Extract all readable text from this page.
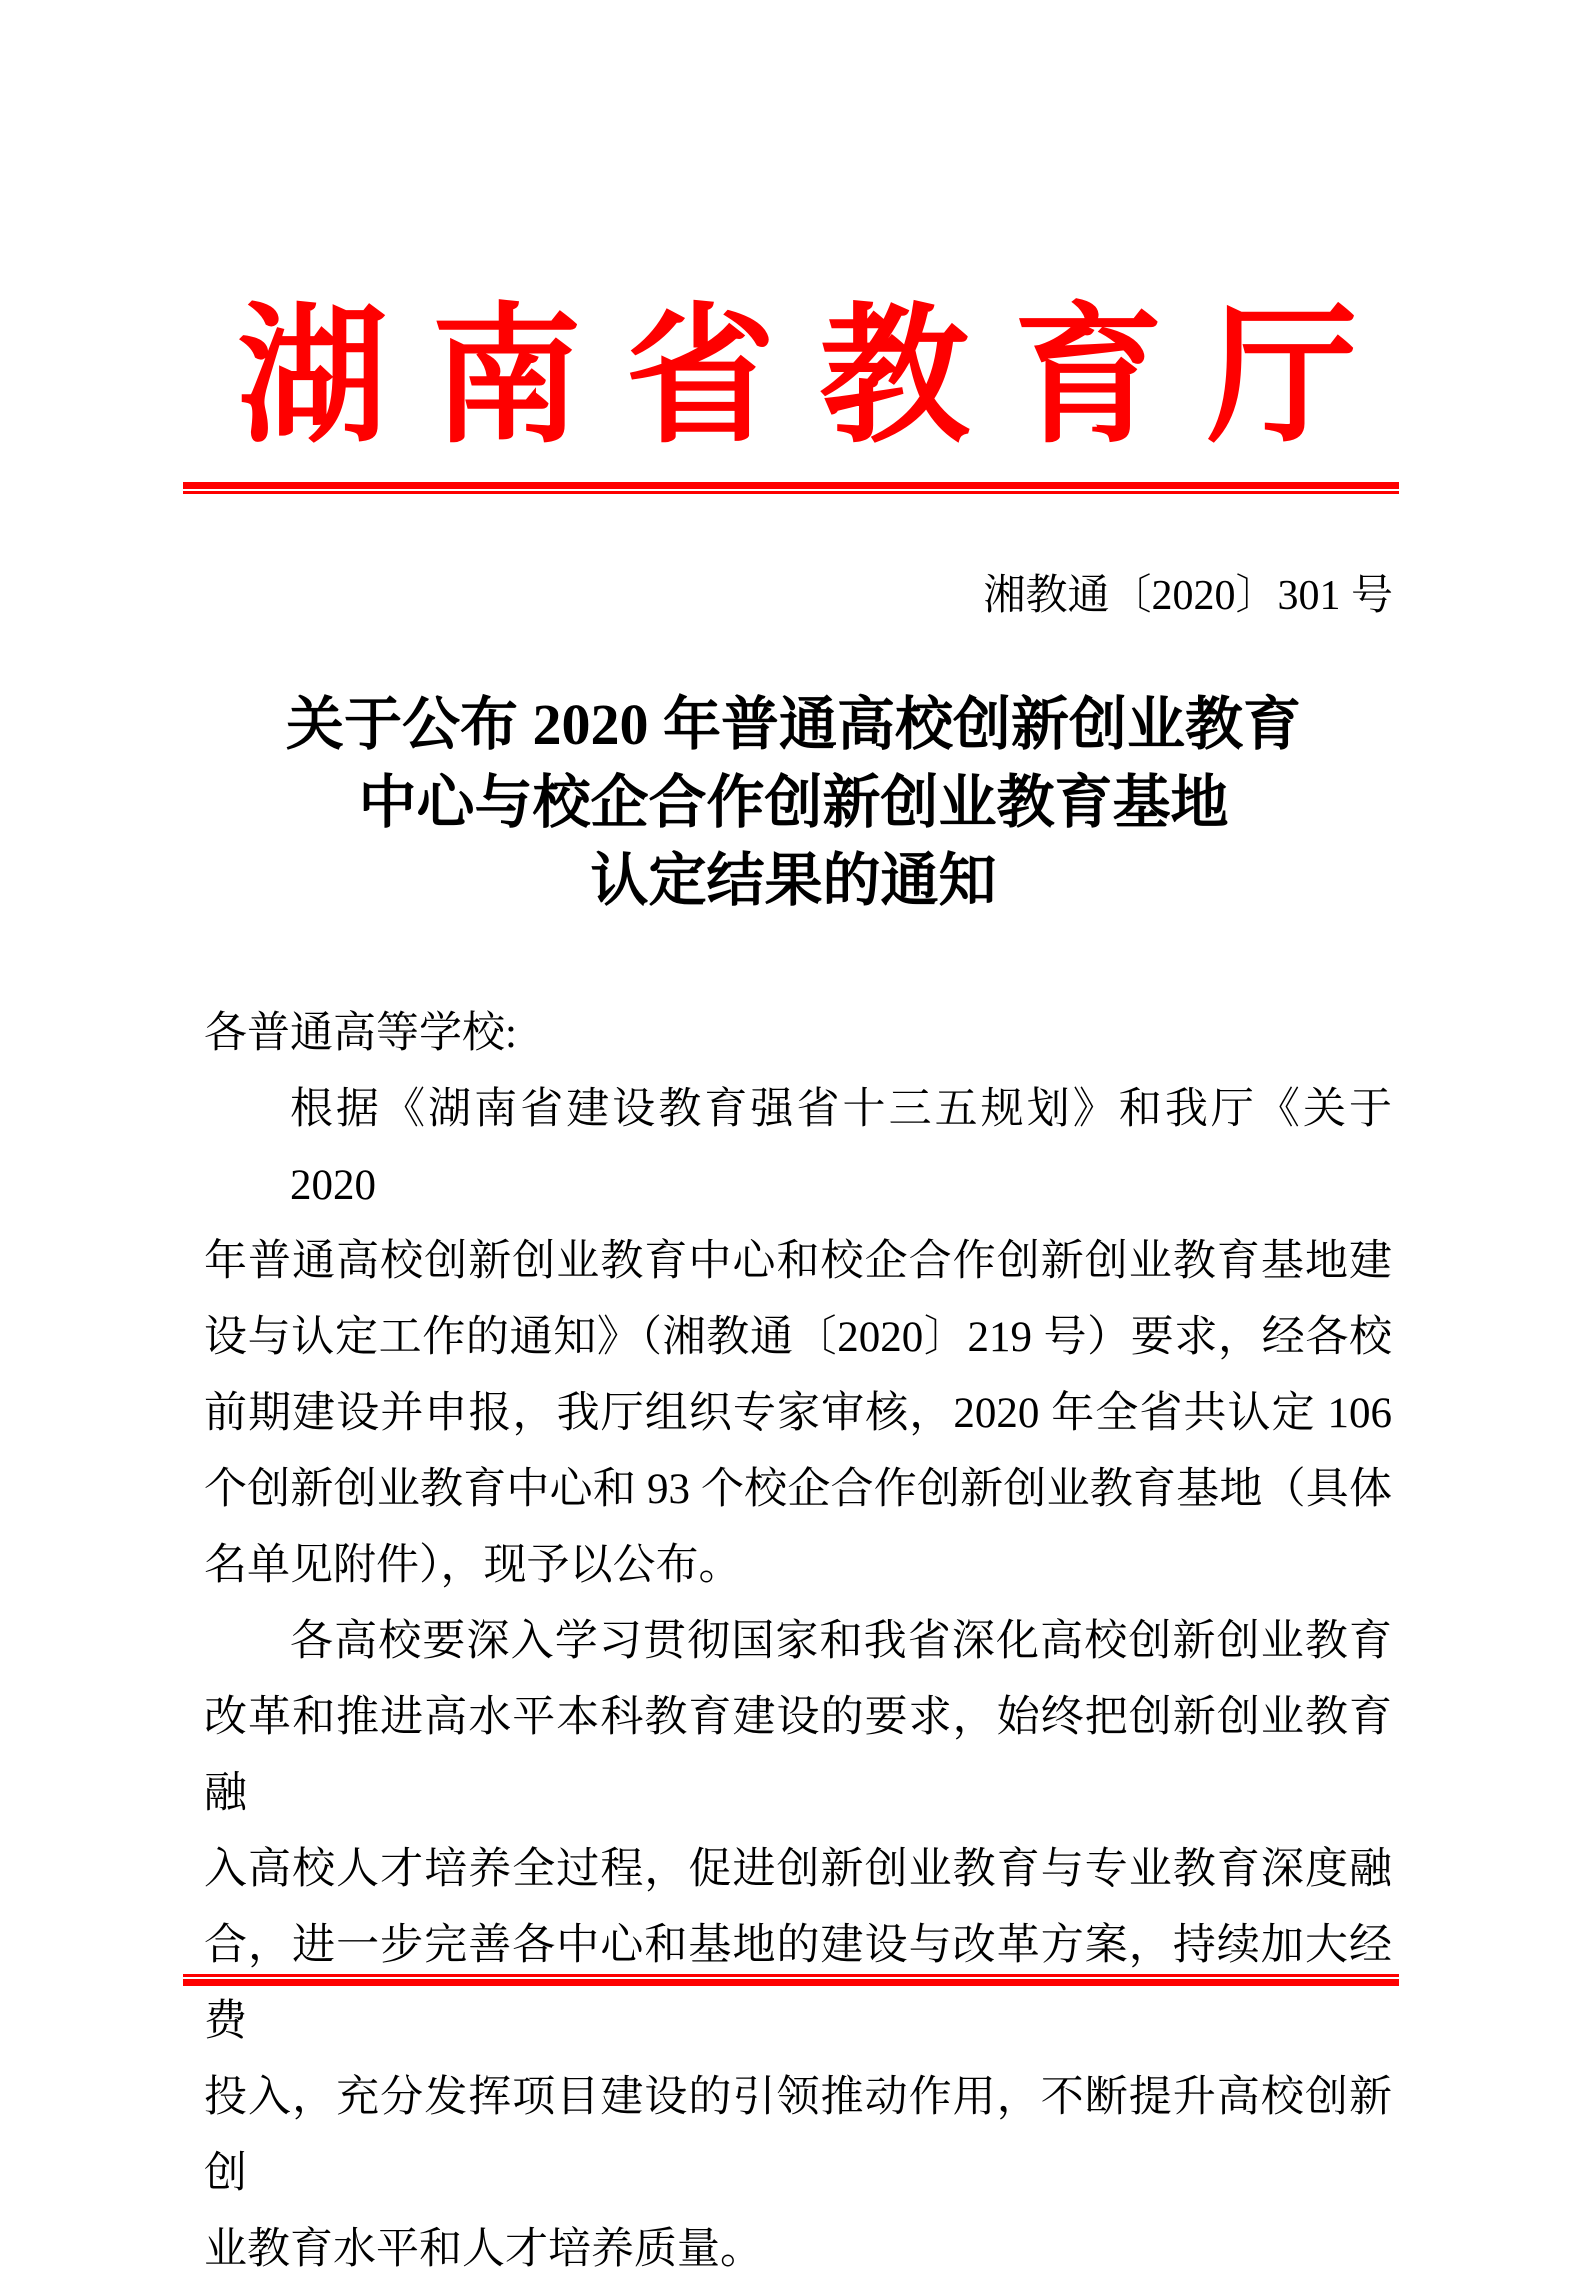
湖南省教育厅
湘教通〔2020〕301 号
关于公布 2020 年普通高校创新创业教育
中心与校企合作创新创业教育基地
认定结果的通知
各普通高等学校:
根据《湖南省建设教育强省十三五规划》和我厅《关于 2020
年普通高校创新创业教育中心和校企合作创新创业教育基地建
设与认定工作的通知》（湘教通〔2020〕219 号）要求，经各校
前期建设并申报，我厅组织专家审核，2020 年全省共认定 106
个创新创业教育中心和 93 个校企合作创新创业教育基地（具体
名单见附件），现予以公布。
各高校要深入学习贯彻国家和我省深化高校创新创业教育
改革和推进高水平本科教育建设的要求，始终把创新创业教育融
入高校人才培养全过程，促进创新创业教育与专业教育深度融
合，进一步完善各中心和基地的建设与改革方案，持续加大经费
投入，充分发挥项目建设的引领推动作用，不断提升高校创新创
业教育水平和人才培养质量。
